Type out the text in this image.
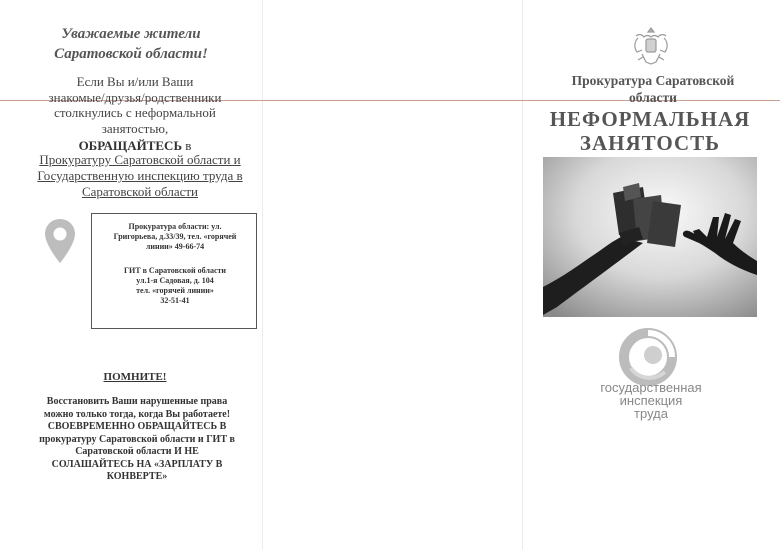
Уважаемые жители
Саратовской области!
Если Вы и/или Ваши
знакомые/друзья/родственники
столкнулись с неформальной
занятостью,
ОБРАЩАЙТЕСЬ в
Прокуратуру Саратовской области и
Государственную инспекцию труда в
Саратовской области
Прокуратура области: ул.
Григорьева, д.33/39, тел. «горячей
линии» 49-66-74
ГИТ в Саратовской области
ул.1-я Садовая, д. 104
тел. «горячей линии»
32-51-41
ПОМНИТЕ!
Восстановить Ваши нарушенные права
можно только тогда, когда Вы работаете!
СВОЕВРЕМЕННО ОБРАЩАЙТЕСЬ В
прокуратуру Саратовской области и ГИТ в
Саратовской области И НЕ
СОЛАШАЙТЕСЬ НА «ЗАРПЛАТУ В
КОНВЕРТЕ»
Прокуратура Саратовской
области
НЕФОРМАЛЬНАЯ
ЗАНЯТОСТЬ
государственная
инспекция
труда
